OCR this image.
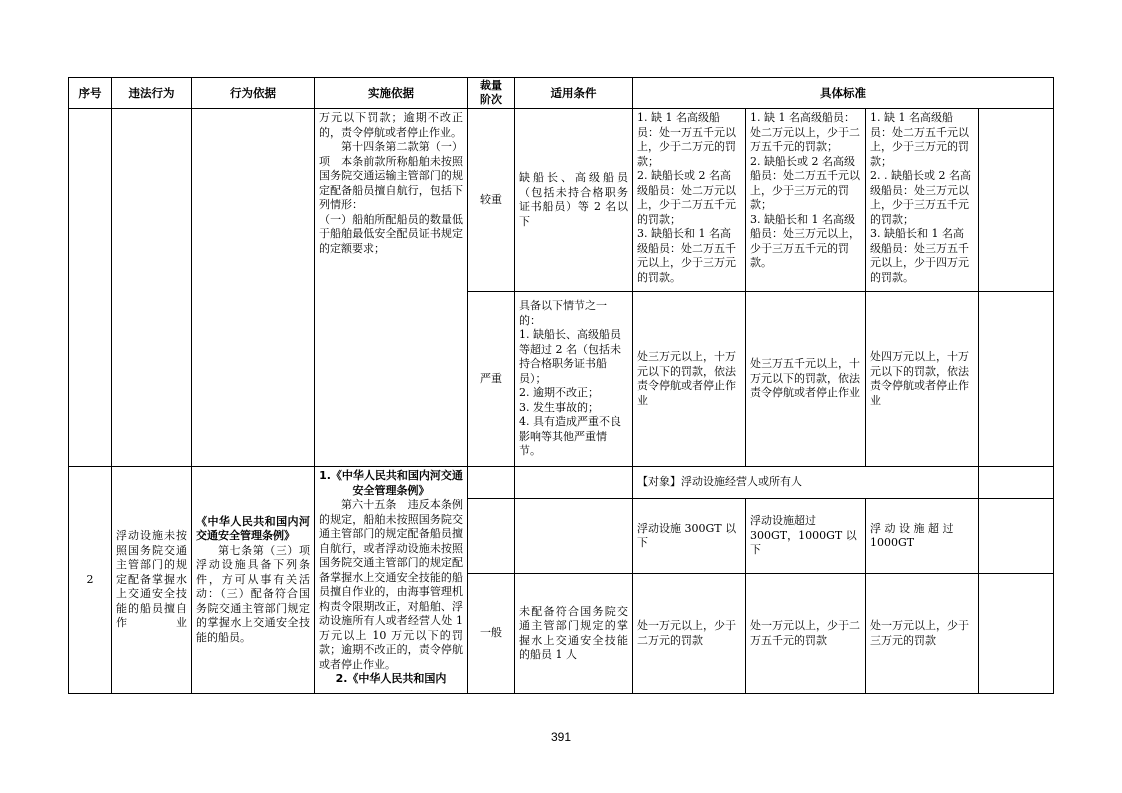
序号	违法行为	行为依据	实施依据	裁量阶次	适用条件	具体标准			

			万元以下罚款；逾期不改正的，责令停航或者停止作业。
第十四条第二款第（一）项　本条前款所称船舶未按照国务院交通运输主管部门的规定配备船员擅自航行，包括下列情形：
（一）船舶所配船员的数量低于船舶最低安全配员证书规定的定额要求；	较重	缺船长、高级船员（包括未持合格职务证书船员）等 2 名以下	1. 缺 1 名高级船员：处一万五千元以上，少于二万元的罚款；
2. 缺船长或 2 名高级船员：处二万元以上，少于二万五千元的罚款；
3. 缺船长和 1 名高级船员：处二万五千元以上，少于三万元的罚款。	1. 缺 1 名高级船员：处二万元以上，少于二万五千元的罚款；
2. 缺船长或 2 名高级船员：处二万五千元以上，少于三万元的罚款；
3. 缺船长和 1 名高级船员：处三万元以上，少于三万五千元的罚款。	1. 缺 1 名高级船员：处二万五千元以上，少于三万元的罚款；
2. . 缺船长或 2 名高级船员：处三万元以上，少于三万五千元的罚款；
3. 缺船长和 1 名高级船员：处三万五千元以上，少于四万元的罚款。	
				严重	具备以下情节之一的：
1. 缺船长、高级船员等超过 2 名（包括未持合格职务证书船员）；
2. 逾期不改正；
3. 发生事故的；
4. 具有造成严重不良影响等其他严重情节。	处三万元以上，十万元以下的罚款，依法责令停航或者停止作业	处三万五千元以上，十万元以下的罚款，依法责令停航或者停止作业	处四万元以上，十万元以下的罚款，依法责令停航或者停止作业	
2	浮动设施未按照国务院交通主管部门的规定配备掌握水上交通安全技能的船员擅自作业	《中华人民共和国内河交通安全管理条例》
第七条第（三）项　浮动设施具备下列条件，方可从事有关活动：（三）配备符合国务院交通主管部门规定的掌握水上交通安全技能的船员。	1.《中华人民共和国内河交通安全管理条例》
第六十五条　违反本条例的规定，船舶未按照国务院交通主管部门的规定配备船员擅自航行，或者浮动设施未按照国务院交通主管部门的规定配备掌握水上交通安全技能的船员擅自作业的，由海事管理机构责令限期改正，对船舶、浮动设施所有人或者经营人处 1 万元以上 10 万元以下的罚款；逾期不改正的，责令停航或者停止作业。
2.《中华人民共和国内			【对象】浮动设施经营人或所有人			
						浮动设施 300GT 以下	浮动设施超过 300GT，1000GT 以下	浮 动 设 施 超 过 1000GT	
				一般	未配备符合国务院交通主管部门规定的掌握水上交通安全技能的船员 1 人	处一万元以上，少于二万元的罚款	处一万元以上，少于二万五千元的罚款	处一万元以上，少于三万元的罚款	
391
